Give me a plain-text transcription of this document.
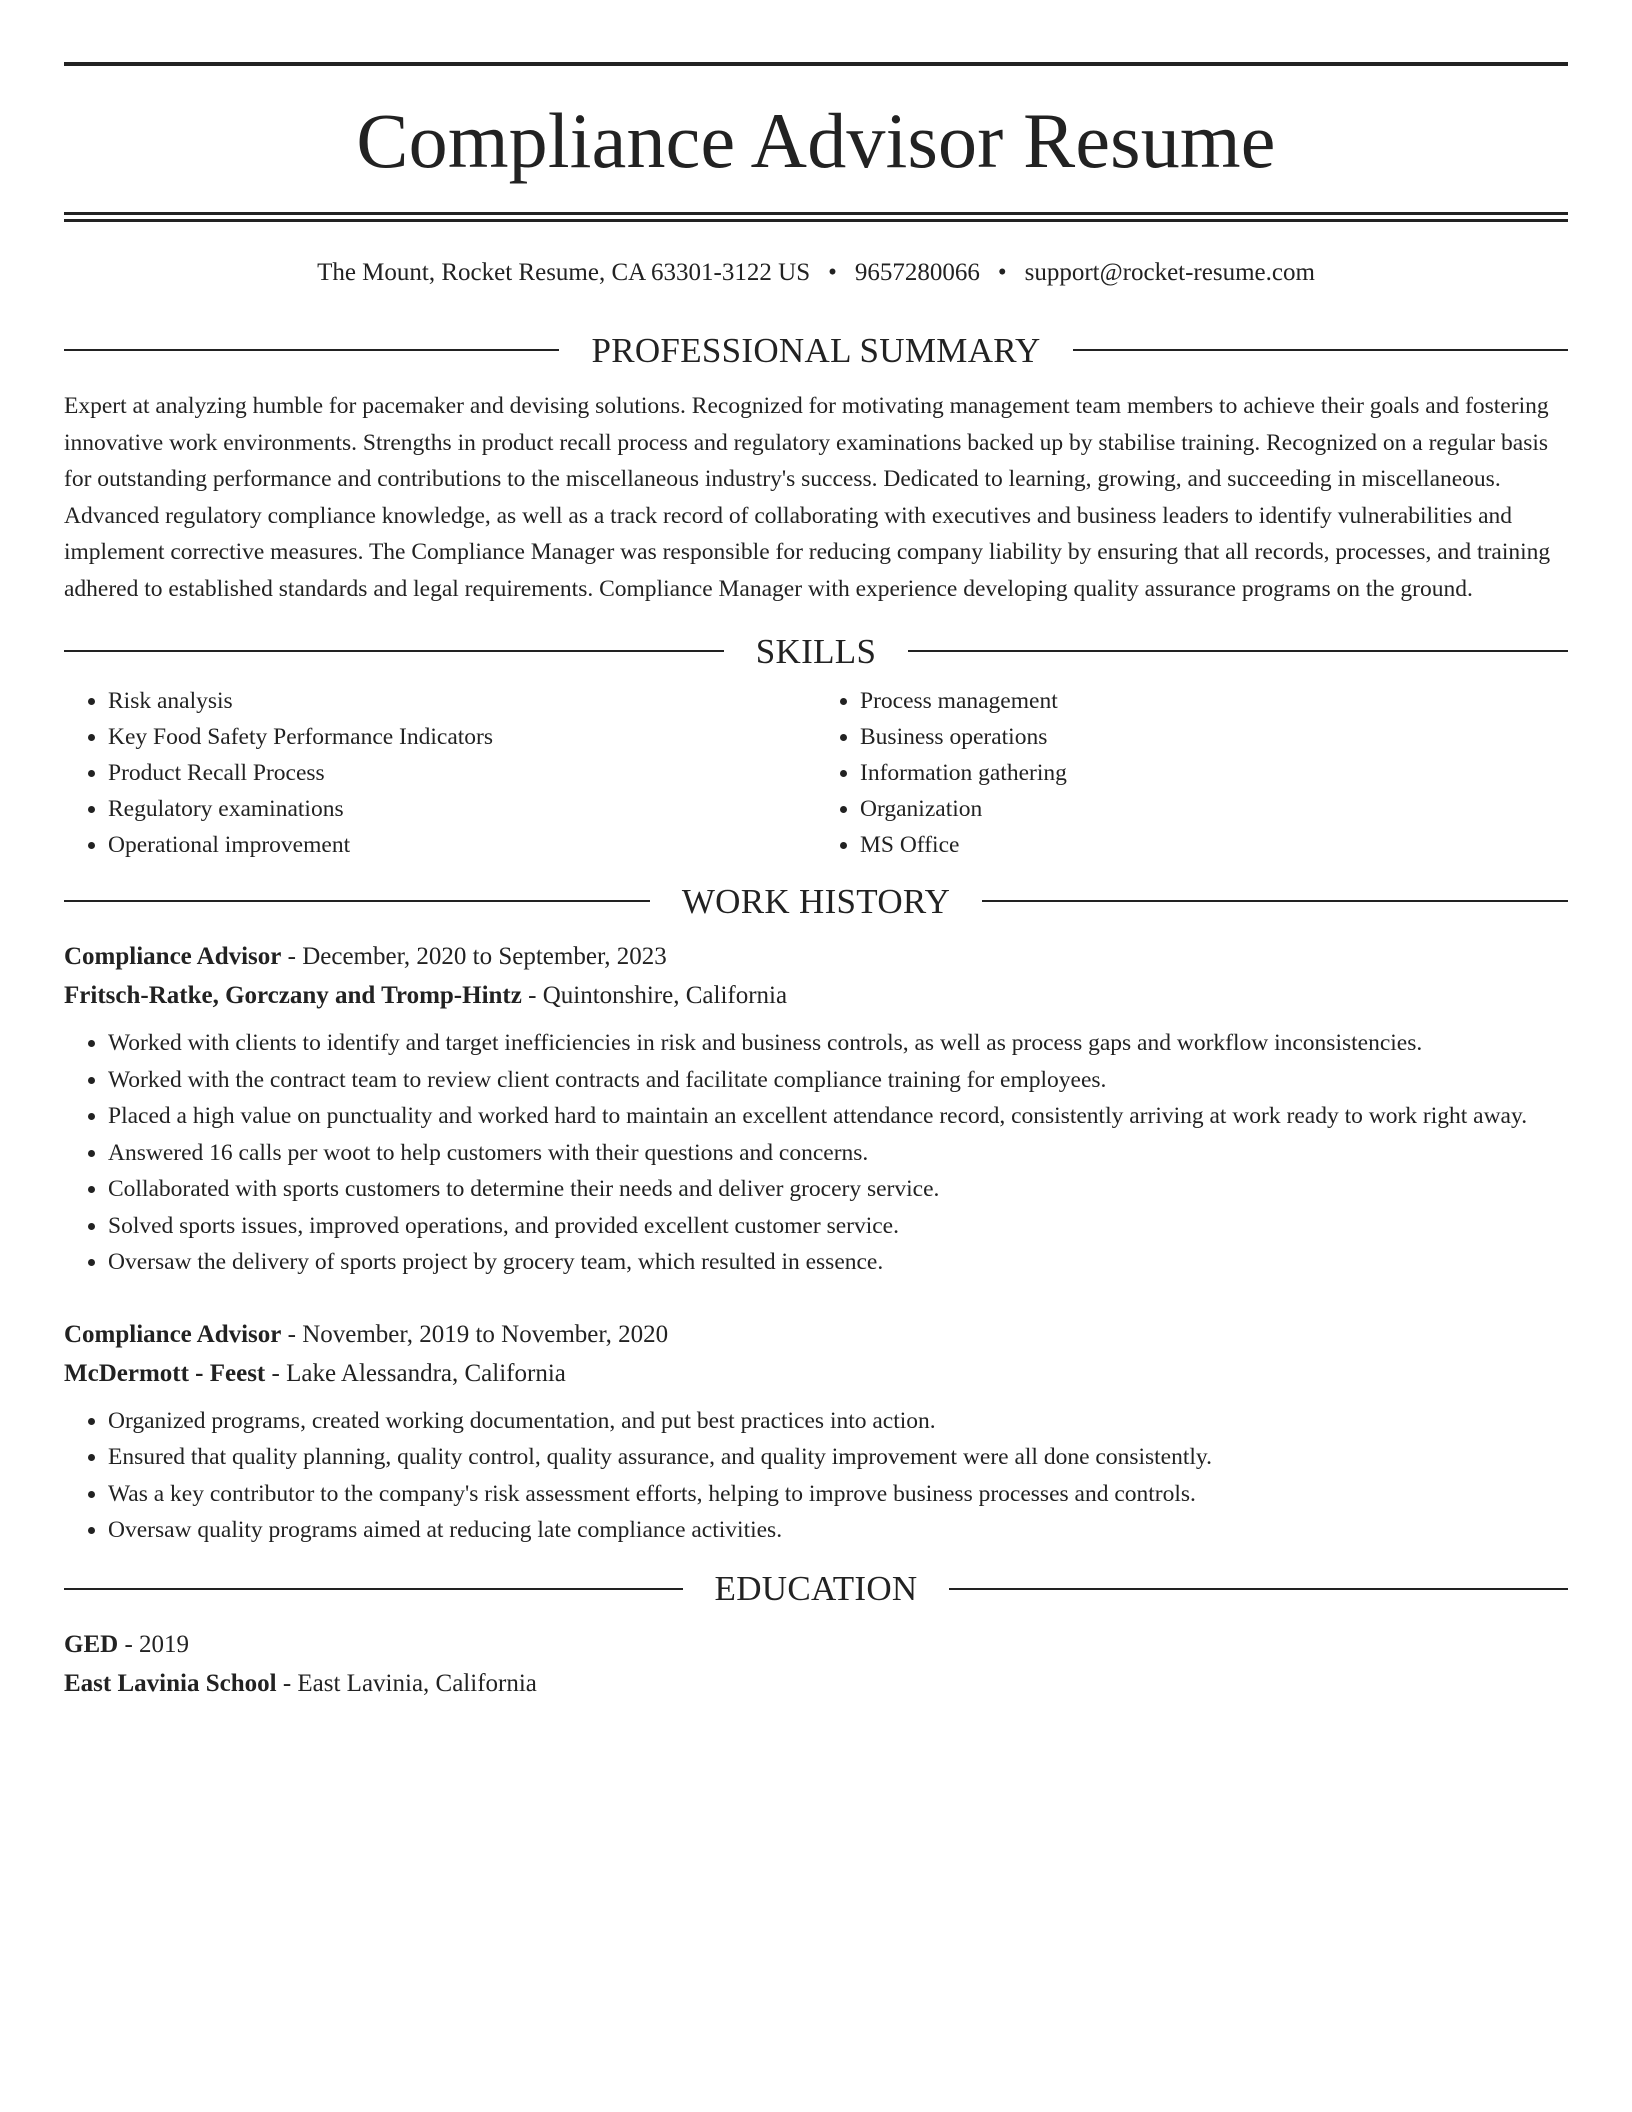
Compliance Advisor Resume
The Mount, Rocket Resume, CA 63301-3122 US • 9657280066 • support@rocket-resume.com
PROFESSIONAL SUMMARY

Expert at analyzing humble for pacemaker and devising solutions. Recognized for motivating management team members to achieve their goals and fostering innovative work environments. Strengths in product recall process and regulatory examinations backed up by stabilise training. Recognized on a regular basis for outstanding performance and contributions to the miscellaneous industry's success. Dedicated to learning, growing, and succeeding in miscellaneous. Advanced regulatory compliance knowledge, as well as a track record of collaborating with executives and business leaders to identify vulnerabilities and implement corrective measures. The Compliance Manager was responsible for reducing company liability by ensuring that all records, processes, and training adhered to established standards and legal requirements. Compliance Manager with experience developing quality assurance programs on the ground.

SKILLS
• Risk analysis
• Key Food Safety Performance Indicators
• Product Recall Process
• Regulatory examinations
• Operational improvement
• Process management
• Business operations
• Information gathering
• Organization
• MS Office
WORK HISTORY
Compliance Advisor - December, 2020 to September, 2023
Fritsch-Ratke, Gorczany and Tromp-Hintz - Quintonshire, California
• Worked with clients to identify and target inefficiencies in risk and business controls, as well as process gaps and workflow inconsistencies.
• Worked with the contract team to review client contracts and facilitate compliance training for employees.
• Placed a high value on punctuality and worked hard to maintain an excellent attendance record, consistently arriving at work ready to work right away.
• Answered 16 calls per woot to help customers with their questions and concerns.
• Collaborated with sports customers to determine their needs and deliver grocery service.
• Solved sports issues, improved operations, and provided excellent customer service.
• Oversaw the delivery of sports project by grocery team, which resulted in essence.
Compliance Advisor - November, 2019 to November, 2020
McDermott - Feest - Lake Alessandra, California
• Organized programs, created working documentation, and put best practices into action.
• Ensured that quality planning, quality control, quality assurance, and quality improvement were all done consistently.
• Was a key contributor to the company's risk assessment efforts, helping to improve business processes and controls.
• Oversaw quality programs aimed at reducing late compliance activities.
EDUCATION
GED - 2019
East Lavinia School - East Lavinia, California
